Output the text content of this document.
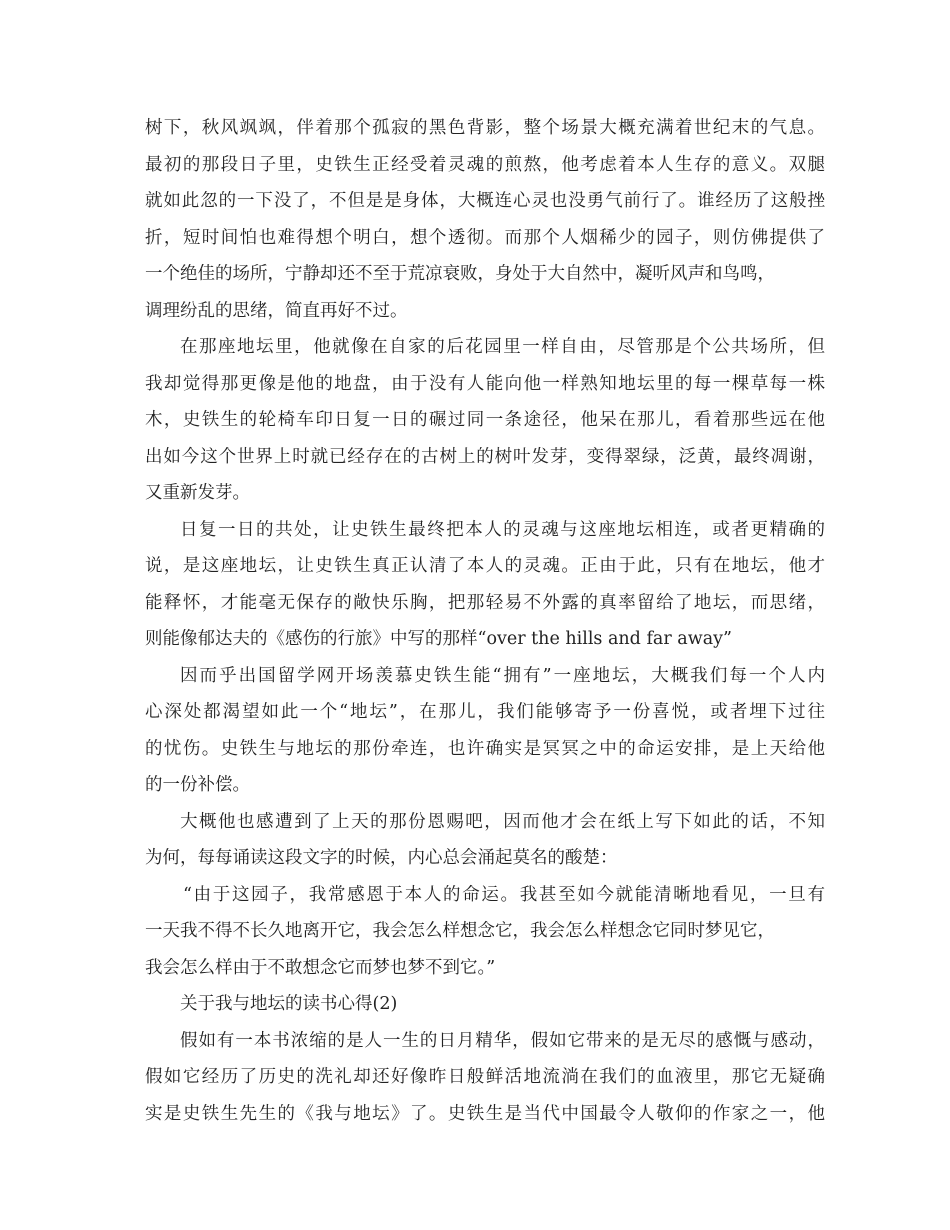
树下，秋风飒飒，伴着那个孤寂的黑色背影，整个场景大概充满着世纪末的气息。
最初的那段日子里，史铁生正经受着灵魂的煎熬，他考虑着本人生存的意义。双腿
就如此忽的一下没了，不但是是身体，大概连心灵也没勇气前行了。谁经历了这般挫
折，短时间怕也难得想个明白，想个透彻。而那个人烟稀少的园子，则仿佛提供了
一个绝佳的场所，宁静却还不至于荒凉衰败，身处于大自然中，凝听风声和鸟鸣，
调理纷乱的思绪，简直再好不过。
在那座地坛里，他就像在自家的后花园里一样自由，尽管那是个公共场所，但
我却觉得那更像是他的地盘，由于没有人能向他一样熟知地坛里的每一棵草每一株
木，史铁生的轮椅车印日复一日的碾过同一条途径，他呆在那儿，看着那些远在他
出如今这个世界上时就已经存在的古树上的树叶发芽，变得翠绿，泛黄，最终凋谢，
又重新发芽。
日复一日的共处，让史铁生最终把本人的灵魂与这座地坛相连，或者更精确的
说，是这座地坛，让史铁生真正认清了本人的灵魂。正由于此，只有在地坛，他才
能释怀，才能毫无保存的敞快乐胸，把那轻易不外露的真率留给了地坛，而思绪，
则能像郁达夫的《感伤的行旅》中写的那样“over the hills and far away”
因而乎出国留学网开场羡慕史铁生能“拥有”一座地坛，大概我们每一个人内
心深处都渴望如此一个“地坛”，在那儿，我们能够寄予一份喜悦，或者埋下过往
的忧伤。史铁生与地坛的那份牵连，也许确实是冥冥之中的命运安排，是上天给他
的一份补偿。
大概他也感遭到了上天的那份恩赐吧，因而他才会在纸上写下如此的话，不知
为何，每每诵读这段文字的时候，内心总会涌起莫名的酸楚：
“由于这园子，我常感恩于本人的命运。我甚至如今就能清晰地看见，一旦有
一天我不得不长久地离开它，我会怎么样想念它，我会怎么样想念它同时梦见它，
我会怎么样由于不敢想念它而梦也梦不到它。”
关于我与地坛的读书心得(2)
假如有一本书浓缩的是人一生的日月精华，假如它带来的是无尽的感慨与感动，
假如它经历了历史的洗礼却还好像昨日般鲜活地流淌在我们的血液里，那它无疑确
实是史铁生先生的《我与地坛》了。史铁生是当代中国最令人敬仰的作家之一，他
